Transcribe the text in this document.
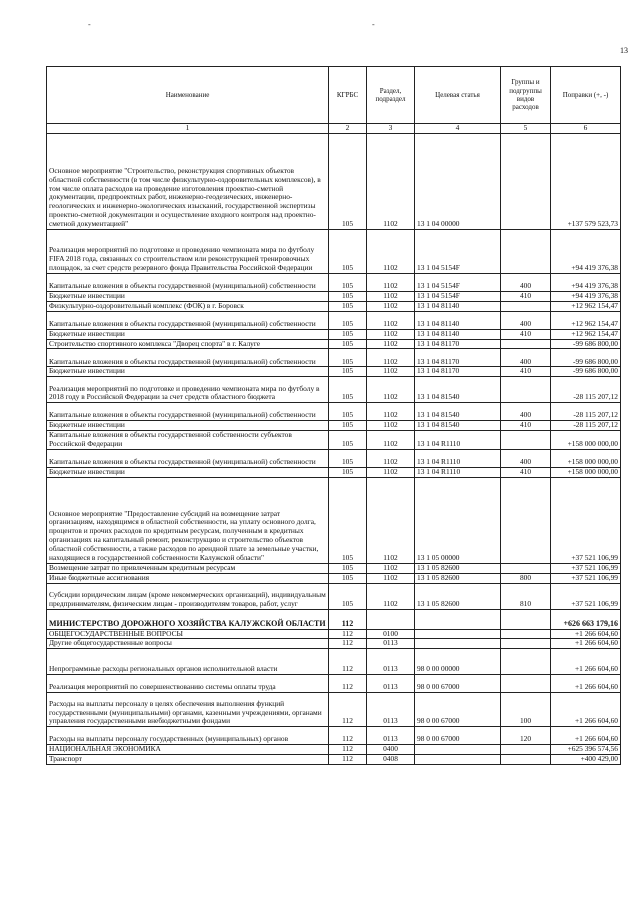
13
-	-
Наименование	КГРБС	Раздел, подраздел	Целевая статья	Группы и подгруппы видов расходов	Поправки (+, -)
1	2	3	4	5	6
Основное мероприятие "Строительство, реконструкция спортивных объектов областной собственности (в том числе физкультурно-оздоровительных комплексов), в том числе оплата расходов на проведение изготовления проектно-сметной документации, предпроектных работ, инженерно-геодезических, инженерно-геологических и инженерно-экологических изысканий, государственной экспертизы проектно-сметной документации и осуществление входного контроля над проектно-сметной документацией"	105	1102	13 1 04 00000		+137 579 523,73
Реализация мероприятий по подготовке и проведению чемпионата мира по футболу FIFA 2018 года, связанных со строительством или реконструкцией тренировочных площадок, за счет средств резервного фонда Правительства Российской Федерации	105	1102	13 1 04 5154F		+94 419 376,38
Капитальные вложения в объекты государственной (муниципальной) собственности	105	1102	13 1 04 5154F	400	+94 419 376,38
Бюджетные инвестиции	105	1102	13 1 04 5154F	410	+94 419 376,38
Физкультурно-оздоровительный комплекс (ФОК) в г. Боровск	105	1102	13 1 04 81140		+12 962 154,47
Капитальные вложения в объекты государственной (муниципальной) собственности	105	1102	13 1 04 81140	400	+12 962 154,47
Бюджетные инвестиции	105	1102	13 1 04 81140	410	+12 962 154,47
Строительство спортивного комплекса "Дворец спорта" в г. Калуге	105	1102	13 1 04 81170		-99 686 800,00
Капитальные вложения в объекты государственной (муниципальной) собственности	105	1102	13 1 04 81170	400	-99 686 800,00
Бюджетные инвестиции	105	1102	13 1 04 81170	410	-99 686 800,00
Реализация мероприятий по подготовке и проведению чемпионата мира по футболу в 2018 году в Российской Федерации за счет средств областного бюджета	105	1102	13 1 04 81540		-28 115 207,12
Капитальные вложения в объекты государственной (муниципальной) собственности	105	1102	13 1 04 81540	400	-28 115 207,12
Бюджетные инвестиции	105	1102	13 1 04 81540	410	-28 115 207,12
Капитальные вложения в объекты государственной собственности субъектов Российской Федерации	105	1102	13 1 04 R1110		+158 000 000,00
Капитальные вложения в объекты государственной (муниципальной) собственности	105	1102	13 1 04 R1110	400	+158 000 000,00
Бюджетные инвестиции	105	1102	13 1 04 R1110	410	+158 000 000,00
Основное мероприятие "Предоставление субсидий на возмещение затрат организациям, находящимся в областной собственности, на уплату основного долга, процентов и прочих расходов по кредитным ресурсам, полученным в кредитных организациях на капитальный ремонт, реконструкцию и строительство объектов областной собственности, а также расходов по арендной плате за земельные участки, находящиеся в государственной собственности Калужской области"	105	1102	13 1 05 00000		+37 521 106,99
Возмещение затрат по привлеченным кредитным ресурсам	105	1102	13 1 05 82600		+37 521 106,99
Иные бюджетные ассигнования	105	1102	13 1 05 82600	800	+37 521 106,99
Субсидии юридическим лицам (кроме некоммерческих организаций), индивидуальным предпринимателям, физическим лицам - производителям товаров, работ, услуг	105	1102	13 1 05 82600	810	+37 521 106,99
МИНИСТЕРСТВО ДОРОЖНОГО ХОЗЯЙСТВА КАЛУЖСКОЙ ОБЛАСТИ	112				+626 663 179,16
ОБЩЕГОСУДАРСТВЕННЫЕ ВОПРОСЫ	112	0100			+1 266 604,60
Другие общегосударственные вопросы	112	0113			+1 266 604,60
Непрограммные расходы региональных органов исполнительной власти	112	0113	98 0 00 00000		+1 266 604,60
Реализация мероприятий по совершенствованию системы оплаты труда	112	0113	98 0 00 67000		+1 266 604,60
Расходы на выплаты персоналу в целях обеспечения выполнения функций государственными (муниципальными) органами, казенными учреждениями, органами управления государственными внебюджетными фондами	112	0113	98 0 00 67000	100	+1 266 604,60
Расходы на выплаты персоналу государственных (муниципальных) органов	112	0113	98 0 00 67000	120	+1 266 604,60
НАЦИОНАЛЬНАЯ ЭКОНОМИКА	112	0400			+625 396 574,56
Транспорт	112	0408			+400 429,00
